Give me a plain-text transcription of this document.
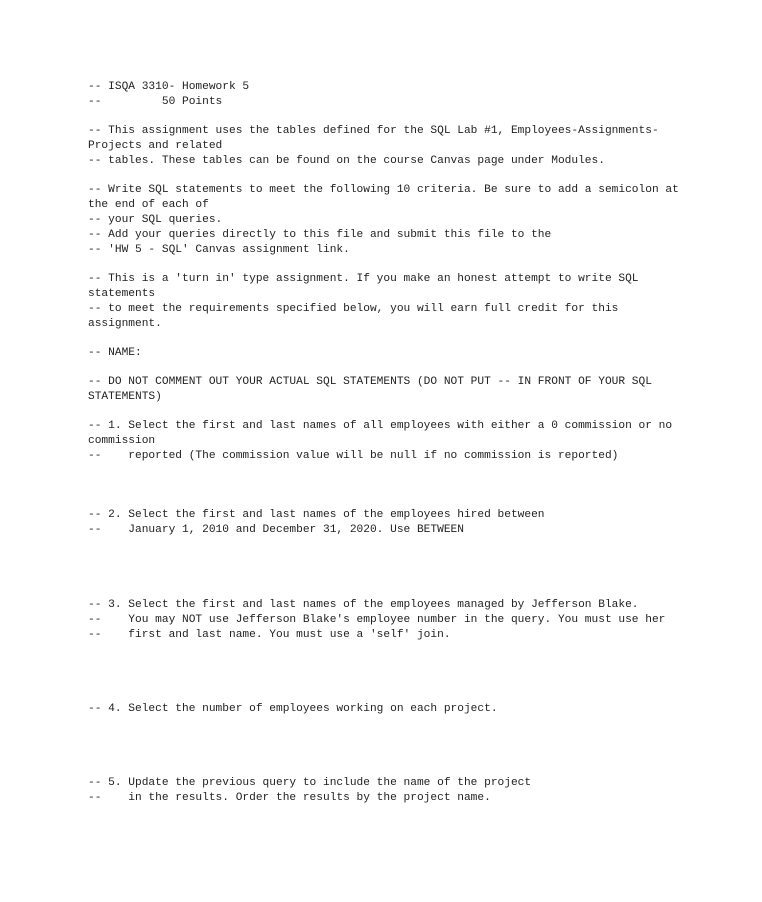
-- ISQA 3310- Homework 5
--         50 Points
-- This assignment uses the tables defined for the SQL Lab #1, Employees-Assignments-Projects and related
-- tables. These tables can be found on the course Canvas page under Modules.
-- Write SQL statements to meet the following 10 criteria. Be sure to add a semicolon at the end of each of
-- your SQL queries.
-- Add your queries directly to this file and submit this file to the
-- 'HW 5 - SQL' Canvas assignment link.
-- This is a 'turn in' type assignment. If you make an honest attempt to write SQL statements
-- to meet the requirements specified below, you will earn full credit for this assignment.
-- NAME:
-- DO NOT COMMENT OUT YOUR ACTUAL SQL STATEMENTS (DO NOT PUT -- IN FRONT OF YOUR SQL STATEMENTS)
-- 1. Select the first and last names of all employees with either a 0 commission or no commission
--    reported (The commission value will be null if no commission is reported)
-- 2. Select the first and last names of the employees hired between
--    January 1, 2010 and December 31, 2020. Use BETWEEN
-- 3. Select the first and last names of the employees managed by Jefferson Blake.
--    You may NOT use Jefferson Blake's employee number in the query. You must use her
--    first and last name. You must use a 'self' join.
-- 4. Select the number of employees working on each project.
-- 5. Update the previous query to include the name of the project
--    in the results. Order the results by the project name.
